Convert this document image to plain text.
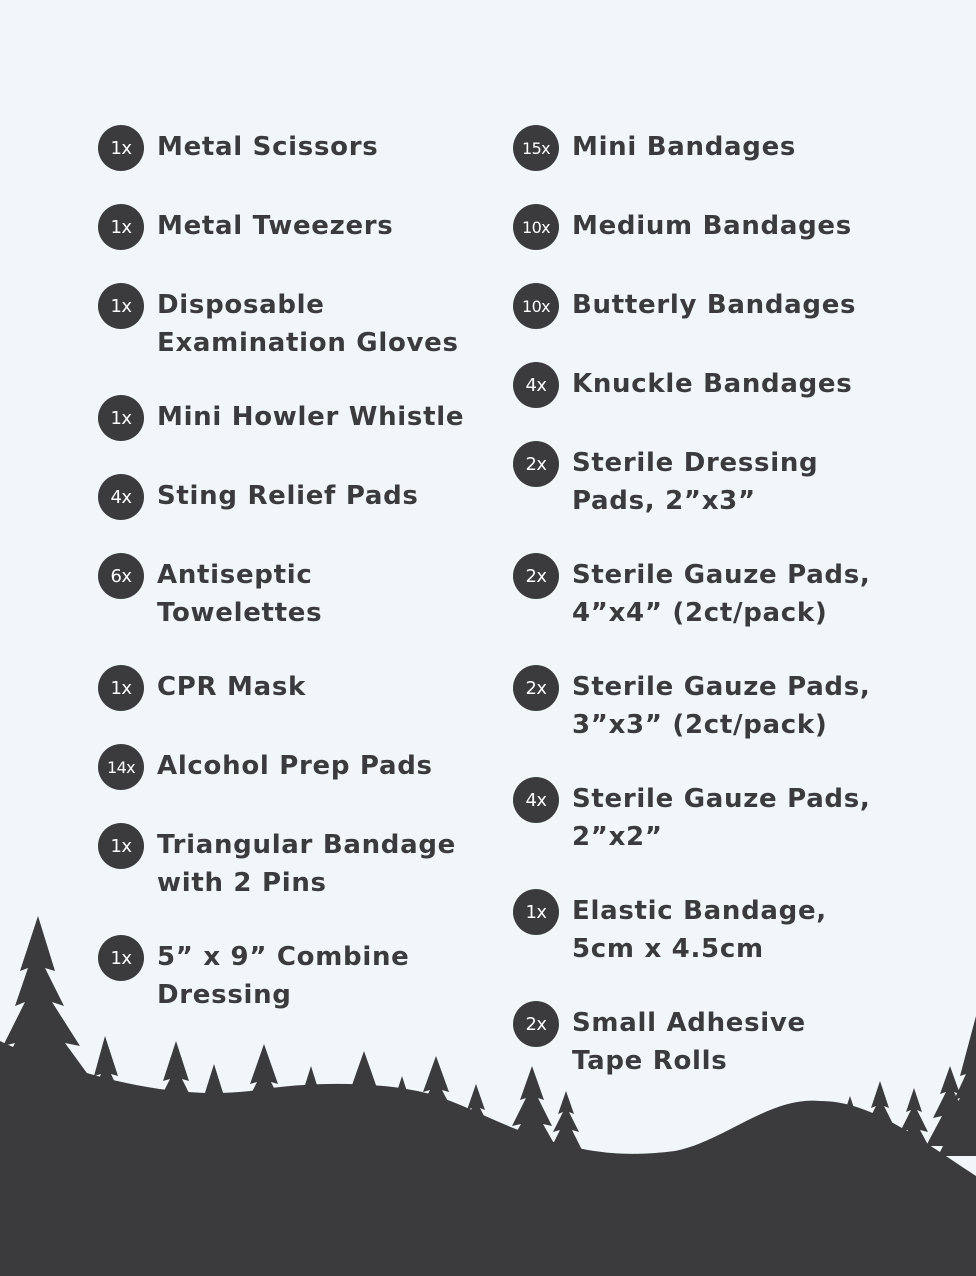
1x Metal Scissors
1x Metal Tweezers
1x Disposable
Examination Gloves
1x Mini Howler Whistle
4x Sting Relief Pads
6x Antiseptic
Towelettes
1x CPR Mask
14x Alcohol Prep Pads
1x Triangular Bandage
with 2 Pins
1x 5” x 9” Combine
Dressing
15x Mini Bandages
10x Medium Bandages
10x Butterly Bandages
4x Knuckle Bandages
2x Sterile Dressing
Pads, 2”x3”
2x Sterile Gauze Pads,
4”x4” (2ct/pack)
2x Sterile Gauze Pads,
3”x3” (2ct/pack)
4x Sterile Gauze Pads,
2”x2”
1x Elastic Bandage,
5cm x 4.5cm
2x Small Adhesive
Tape Rolls
